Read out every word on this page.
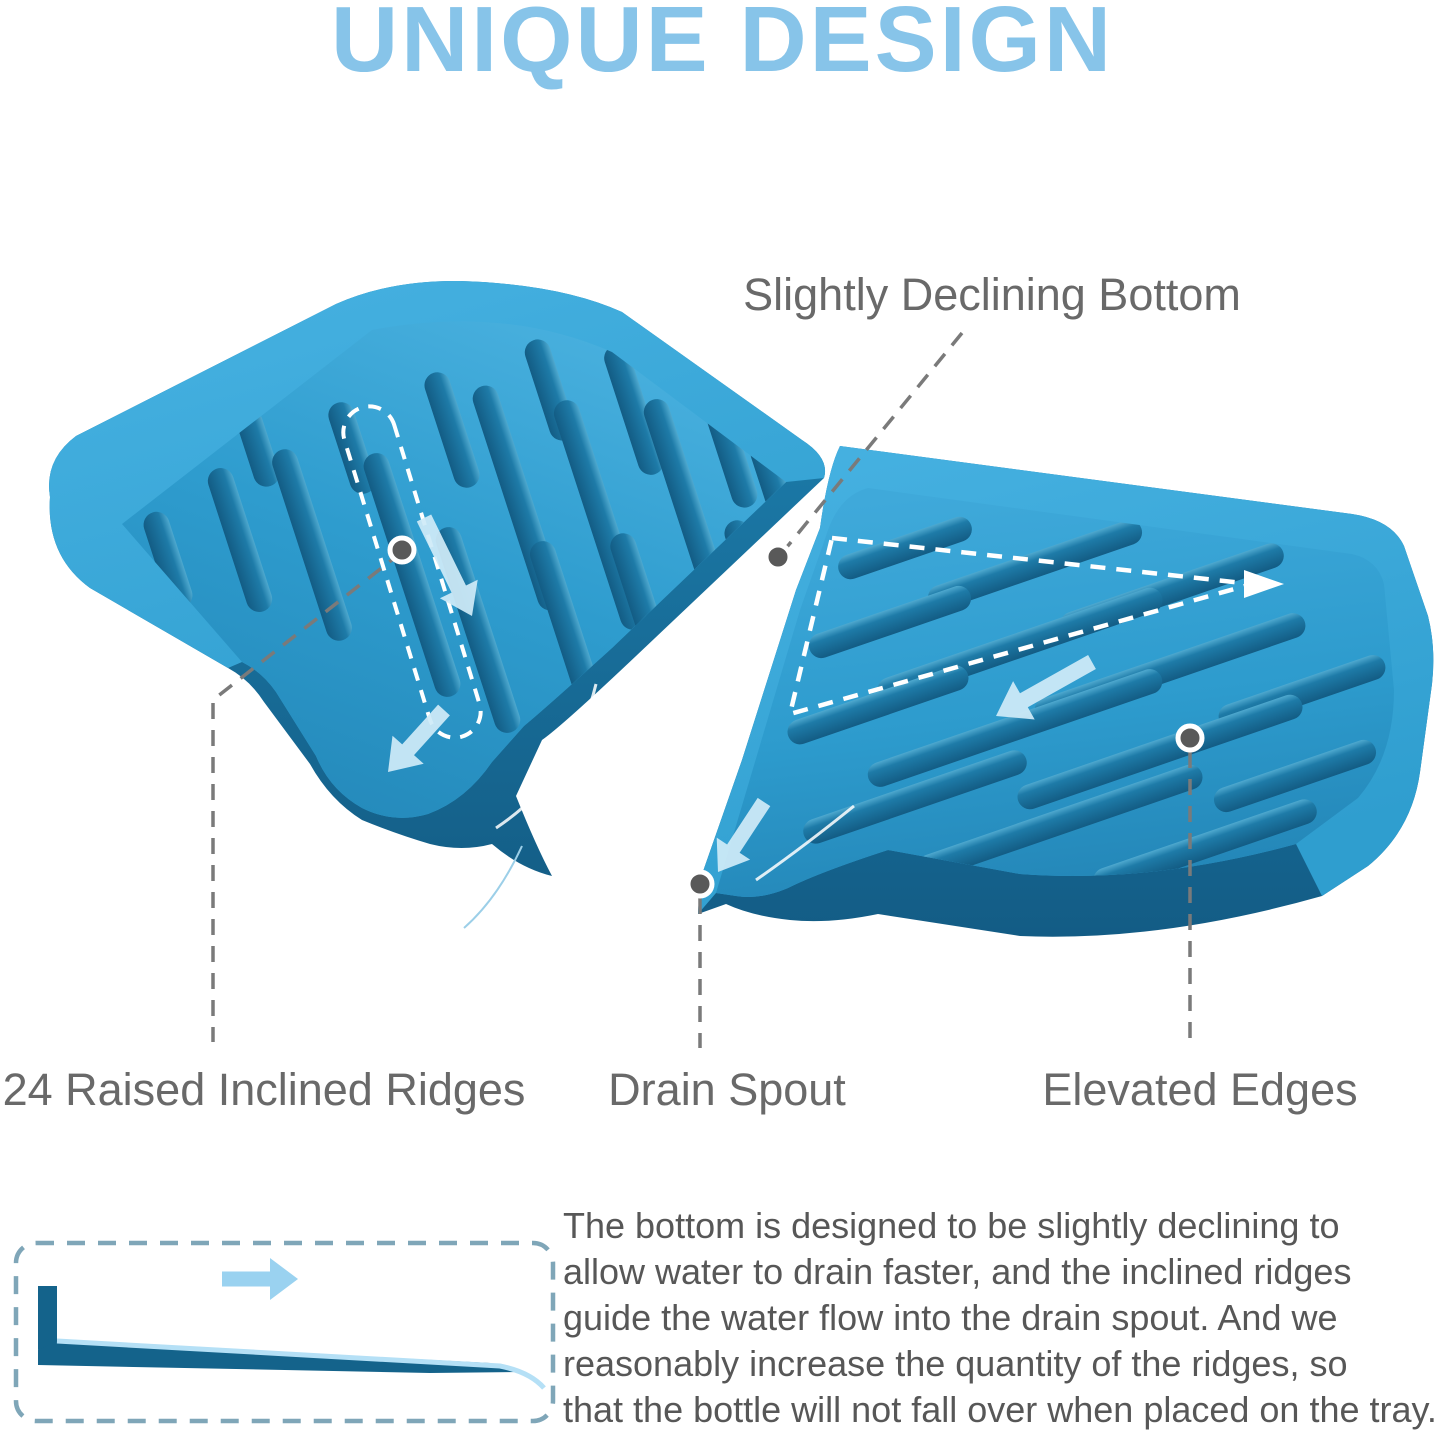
UNIQUE DESIGN
Slightly Declining Bottom
24 Raised Inclined Ridges Drain Spout	Elevated Edges
The bottom is designed to be slightly declining to
allow water to drain faster, and the inclined ridges
guide the water flow into the drain spout. And we
reasonably increase the quantity of the ridges, so
that the bottle will not fall over when placed on the tray.
